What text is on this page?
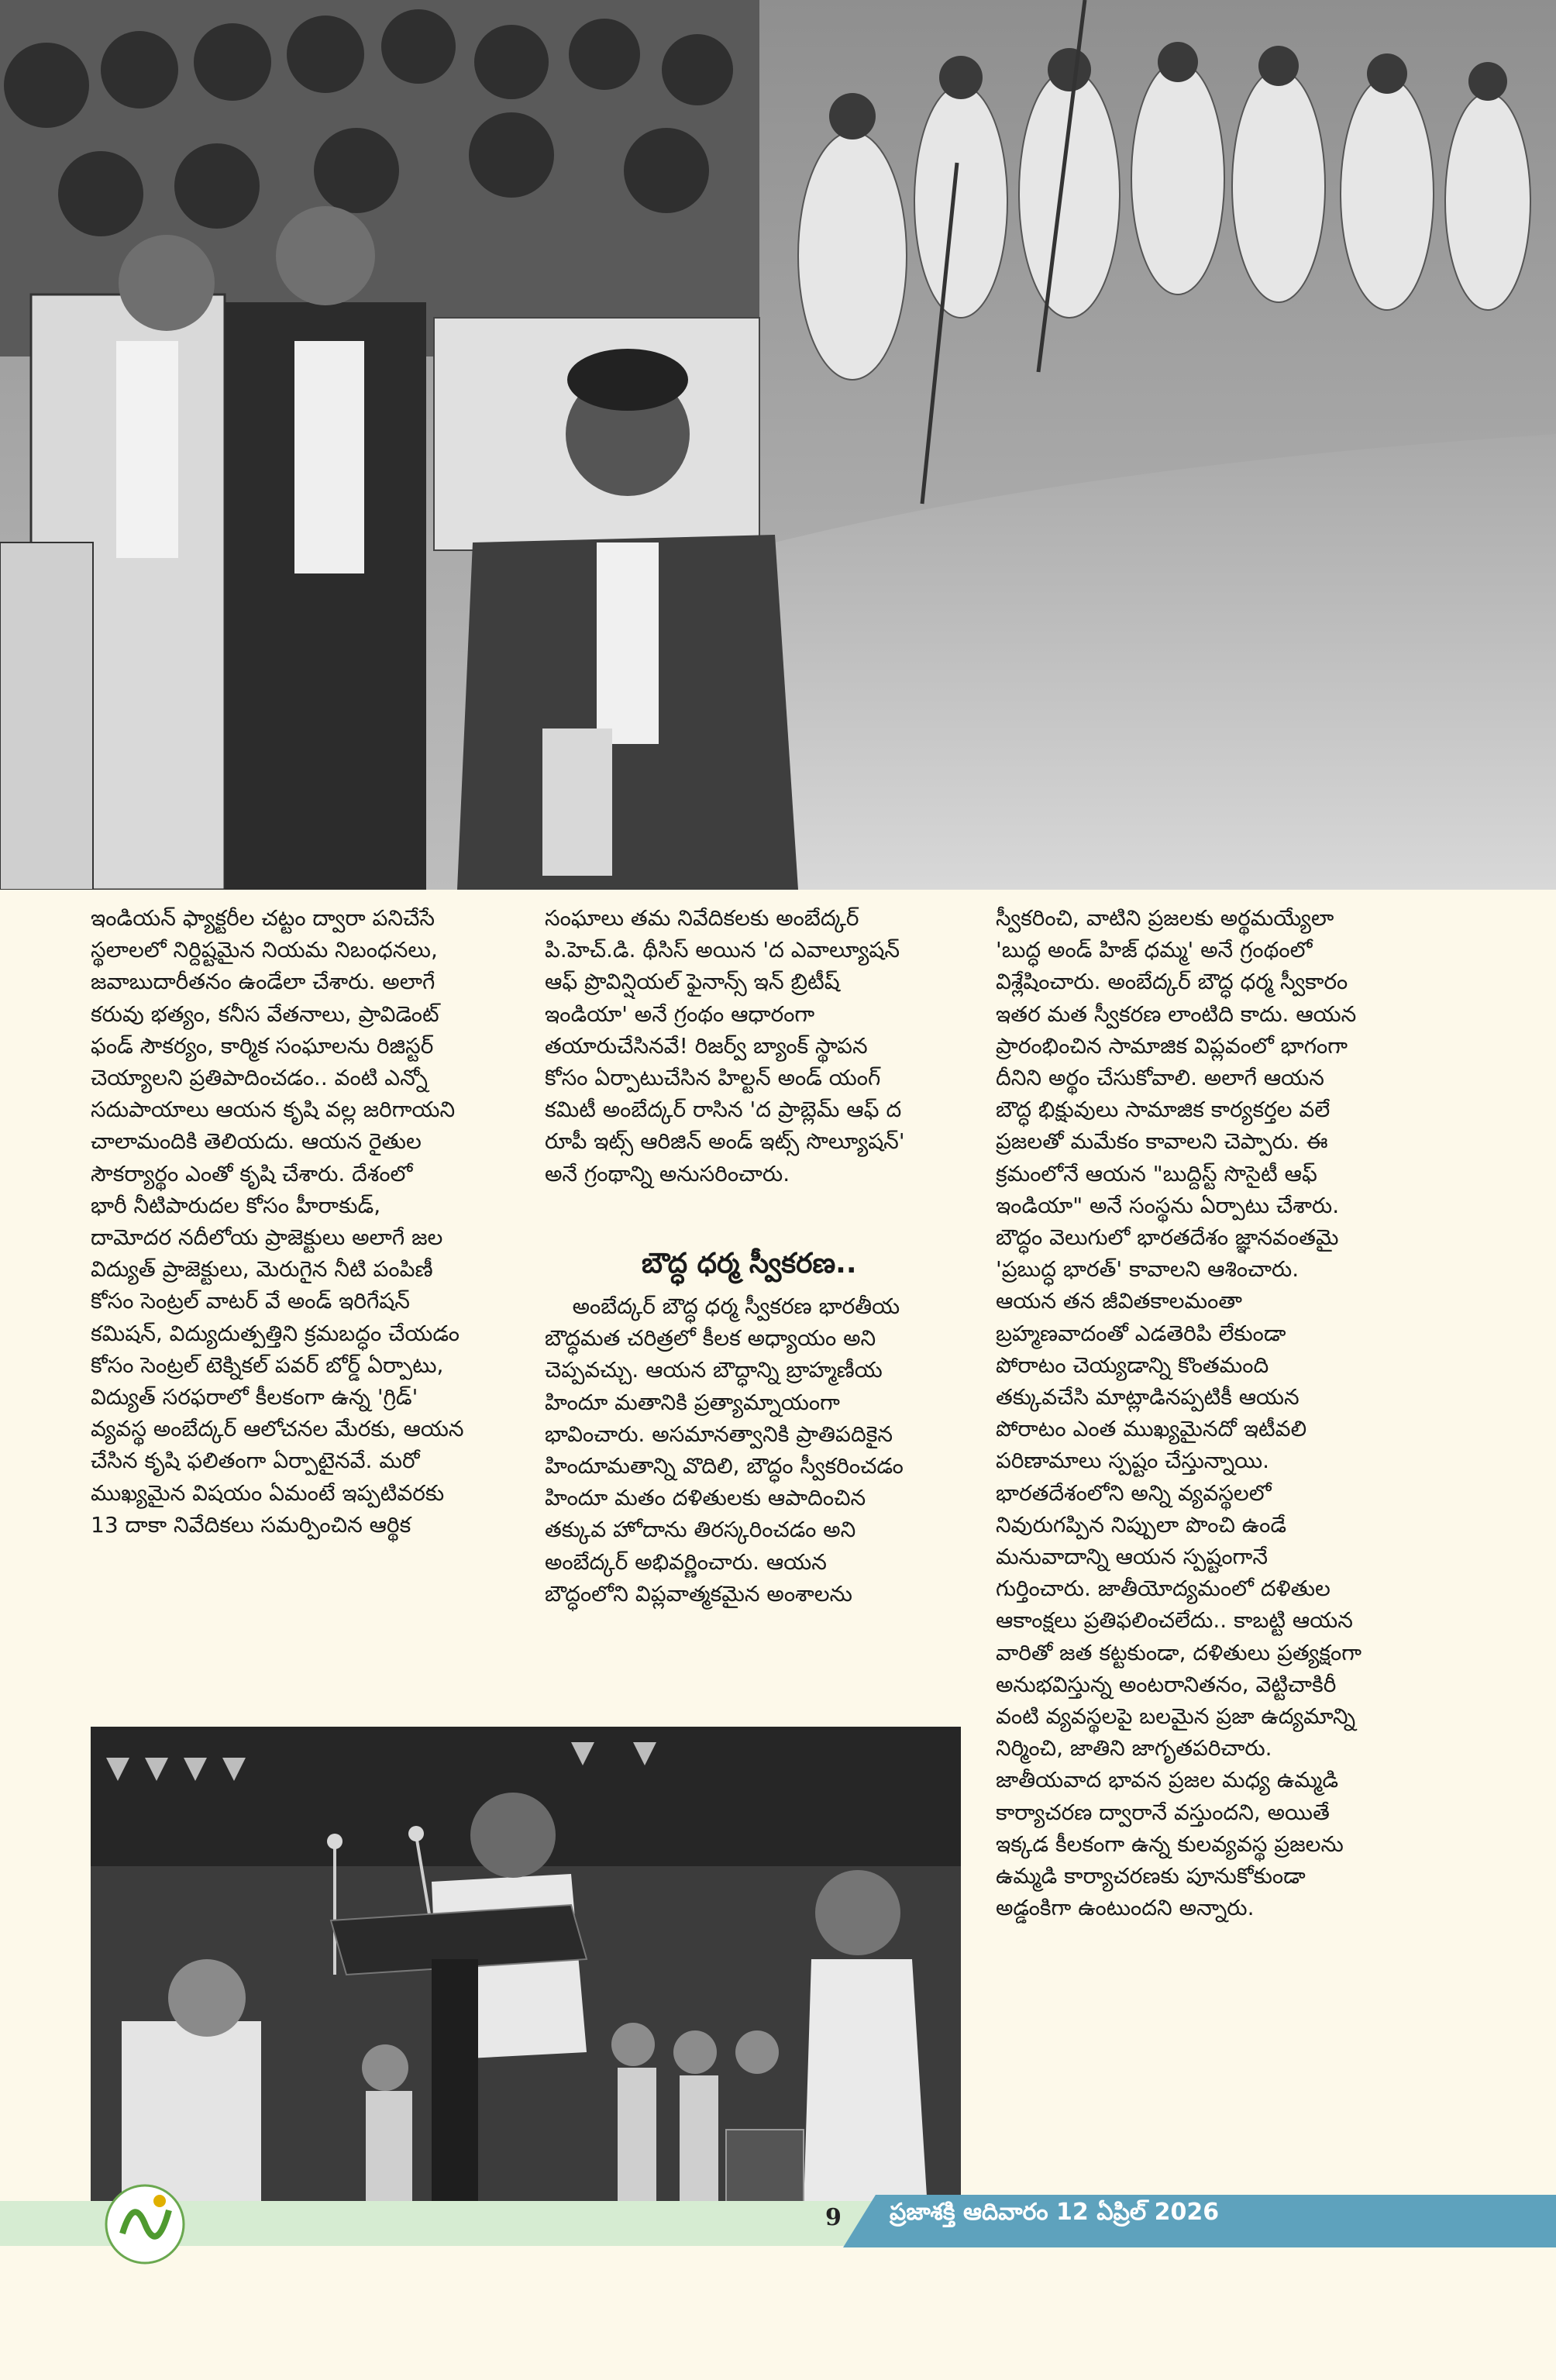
ఇండియన్ ఫ్యాక్టరీల చట్టం ద్వారా పనిచేసే

స్థలాలలో నిర్దిష్టమైన నియమ నిబంధనలు,

జవాబుదారీతనం ఉండేలా చేశారు. అలాగే

కరువు భత్యం, కనీస వేతనాలు, ప్రావిడెంట్

ఫండ్ సౌకర్యం, కార్మిక సంఘాలను రిజిస్టర్

చెయ్యాలని ప్రతిపాదించడం.. వంటి ఎన్నో

సదుపాయాలు ఆయన కృషి వల్ల జరిగాయని

చాలామందికి తెలియదు. ఆయన రైతుల

సౌకర్యార్థం ఎంతో కృషి చేశారు. దేశంలో

భారీ నీటిపారుదల కోసం హీరాకుడ్,

దామోదర నదీలోయ ప్రాజెక్టులు అలాగే జల

విద్యుత్ ప్రాజెక్టులు, మెరుగైన నీటి పంపిణీ

కోసం సెంట్రల్ వాటర్ వే అండ్ ఇరిగేషన్

కమిషన్, విద్యుదుత్పత్తిని క్రమబద్ధం చేయడం

కోసం సెంట్రల్ టెక్నికల్ పవర్ బోర్డ్ ఏర్పాటు,

విద్యుత్ సరఫరాలో కీలకంగా ఉన్న 'గ్రిడ్'

వ్యవస్థ అంబేద్కర్ ఆలోచనల మేరకు, ఆయన

చేసిన కృషి ఫలితంగా ఏర్పాటైనవే. మరో

ముఖ్యమైన విషయం ఏమంటే ఇప్పటివరకు

13 దాకా నివేదికలు సమర్పించిన ఆర్థిక

సంఘాలు తమ నివేదికలకు అంబేద్కర్

పి.హెచ్.డి. థీసిస్ అయిన 'ద ఎవాల్యూషన్

ఆఫ్ ప్రొవిన్షియల్ ఫైనాన్స్ ఇన్ బ్రిటీష్

ఇండియా' అనే గ్రంథం ఆధారంగా

తయారుచేసినవే! రిజర్వ్ బ్యాంక్ స్థాపన

కోసం ఏర్పాటుచేసిన హిల్టన్ అండ్ యంగ్

కమిటీ అంబేద్కర్ రాసిన 'ద ప్రాబ్లెమ్ ఆఫ్ ద

రూపీ ఇట్స్ ఆరిజిన్ అండ్ ఇట్స్ సొల్యూషన్'

అనే గ్రంథాన్ని అనుసరించారు.

బౌద్ధ ధర్మ స్వీకరణ..

అంబేద్కర్ బౌద్ధ ధర్మ స్వీకరణ భారతీయ

బౌద్ధమత చరిత్రలో కీలక అధ్యాయం అని

చెప్పవచ్చు. ఆయన బౌద్ధాన్ని బ్రాహ్మణీయ

హిందూ మతానికి ప్రత్యామ్నాయంగా

భావించారు. అసమానత్వానికి ప్రాతిపదికైన

హిందూమతాన్ని వొదిలి, బౌద్ధం స్వీకరించడం

హిందూ మతం దళితులకు ఆపాదించిన

తక్కువ హోదాను తిరస్కరించడం అని

అంబేద్కర్ అభివర్ణించారు. ఆయన

బౌద్ధంలోని విప్లవాత్మకమైన అంశాలను

స్వీకరించి, వాటిని ప్రజలకు అర్థమయ్యేలా

'బుద్ధ అండ్ హిజ్ ధమ్మ' అనే గ్రంథంలో

విశ్లేషించారు. అంబేద్కర్ బౌద్ధ ధర్మ స్వీకారం

ఇతర మత స్వీకరణ లాంటిది కాదు. ఆయన

ప్రారంభించిన సామాజిక విప్లవంలో భాగంగా

దీనిని అర్థం చేసుకోవాలి. అలాగే ఆయన

బౌద్ధ భిక్షువులు సామాజిక కార్యకర్తల వలే

ప్రజలతో మమేకం కావాలని చెప్పారు. ఈ

క్రమంలోనే ఆయన "బుద్దిస్ట్ సొసైటీ ఆఫ్

ఇండియా" అనే సంస్థను ఏర్పాటు చేశారు.

బౌద్ధం వెలుగులో భారతదేశం జ్ఞానవంతమై

'ప్రబుద్ధ భారత్' కావాలని ఆశించారు.

ఆయన తన జీవితకాలమంతా

బ్రహ్మణవాదంతో ఎడతెరిపి లేకుండా

పోరాటం చెయ్యడాన్ని కొంతమంది

తక్కువచేసి మాట్లాడినప్పటికీ ఆయన

పోరాటం ఎంత ముఖ్యమైనదో ఇటీవలి

పరిణామాలు స్పష్టం చేస్తున్నాయి.

భారతదేశంలోని అన్ని వ్యవస్థలలో

నివురుగప్పిన నిప్పులా పొంచి ఉండే

మనువాదాన్ని ఆయన స్పష్టంగానే

గుర్తించారు. జాతీయోద్యమంలో దళితుల

ఆకాంక్షలు ప్రతిఫలించలేదు.. కాబట్టి ఆయన

వారితో జత కట్టకుండా, దళితులు ప్రత్యక్షంగా

అనుభవిస్తున్న అంటరానితనం, వెట్టిచాకిరీ

వంటి వ్యవస్థలపై బలమైన ప్రజా ఉద్యమాన్ని

నిర్మించి, జాతిని జాగృతపరిచారు.

జాతీయవాద భావన ప్రజల మధ్య ఉమ్మడి

కార్యాచరణ ద్వారానే వస్తుందని, అయితే

ఇక్కడ కీలకంగా ఉన్న కులవ్యవస్థ ప్రజలను

ఉమ్మడి కార్యాచరణకు పూనుకోకుండా

అడ్డంకిగా ఉంటుందని అన్నారు.

9 ప్రజాశక్తి ఆదివారం 12 ఏప్రిల్ 2026
